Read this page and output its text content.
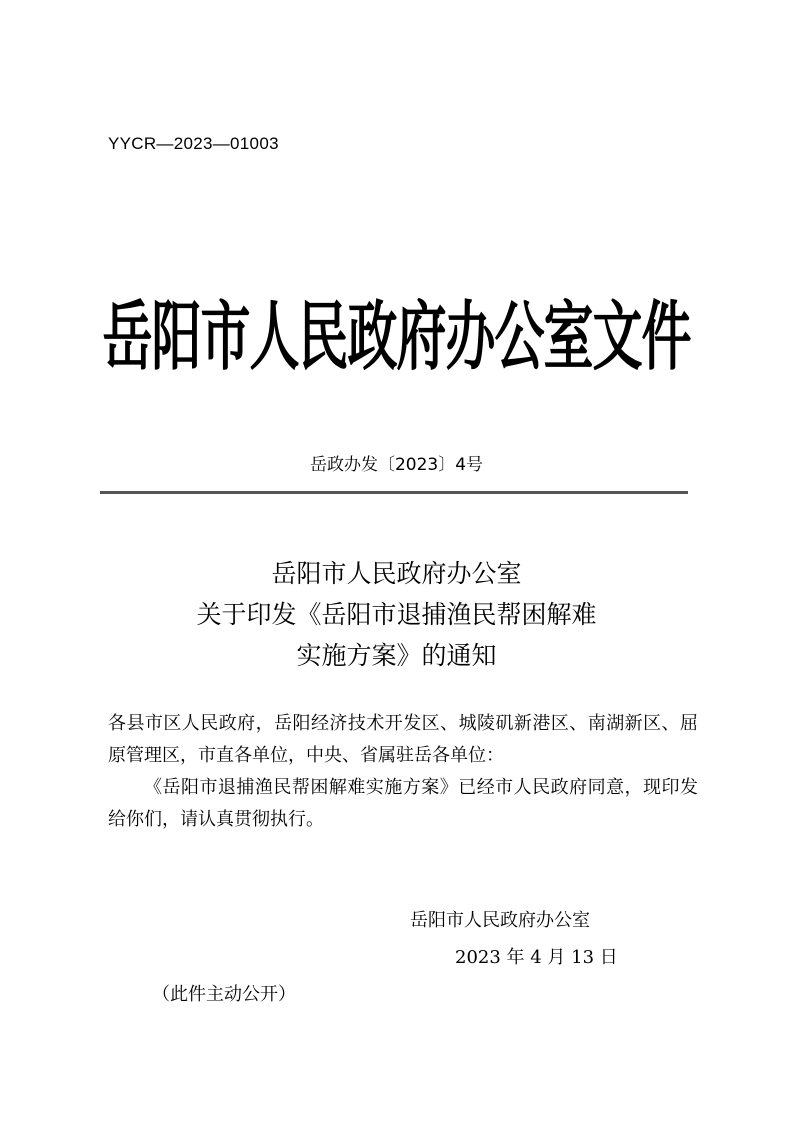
YYCR—2023—01003
岳阳市人民政府办公室文件
岳政办发〔2023〕4号
岳阳市人民政府办公室
关于印发《岳阳市退捕渔民帮困解难
实施方案》的通知

各县市区人民政府，岳阳经济技术开发区、城陵矶新港区、南湖新区、屈原管理区，市直各单位，中央、省属驻岳各单位：

《岳阳市退捕渔民帮困解难实施方案》已经市人民政府同意，现印发给你们，请认真贯彻执行。

岳阳市人民政府办公室
2023 年 4 月 13 日
（此件主动公开）
